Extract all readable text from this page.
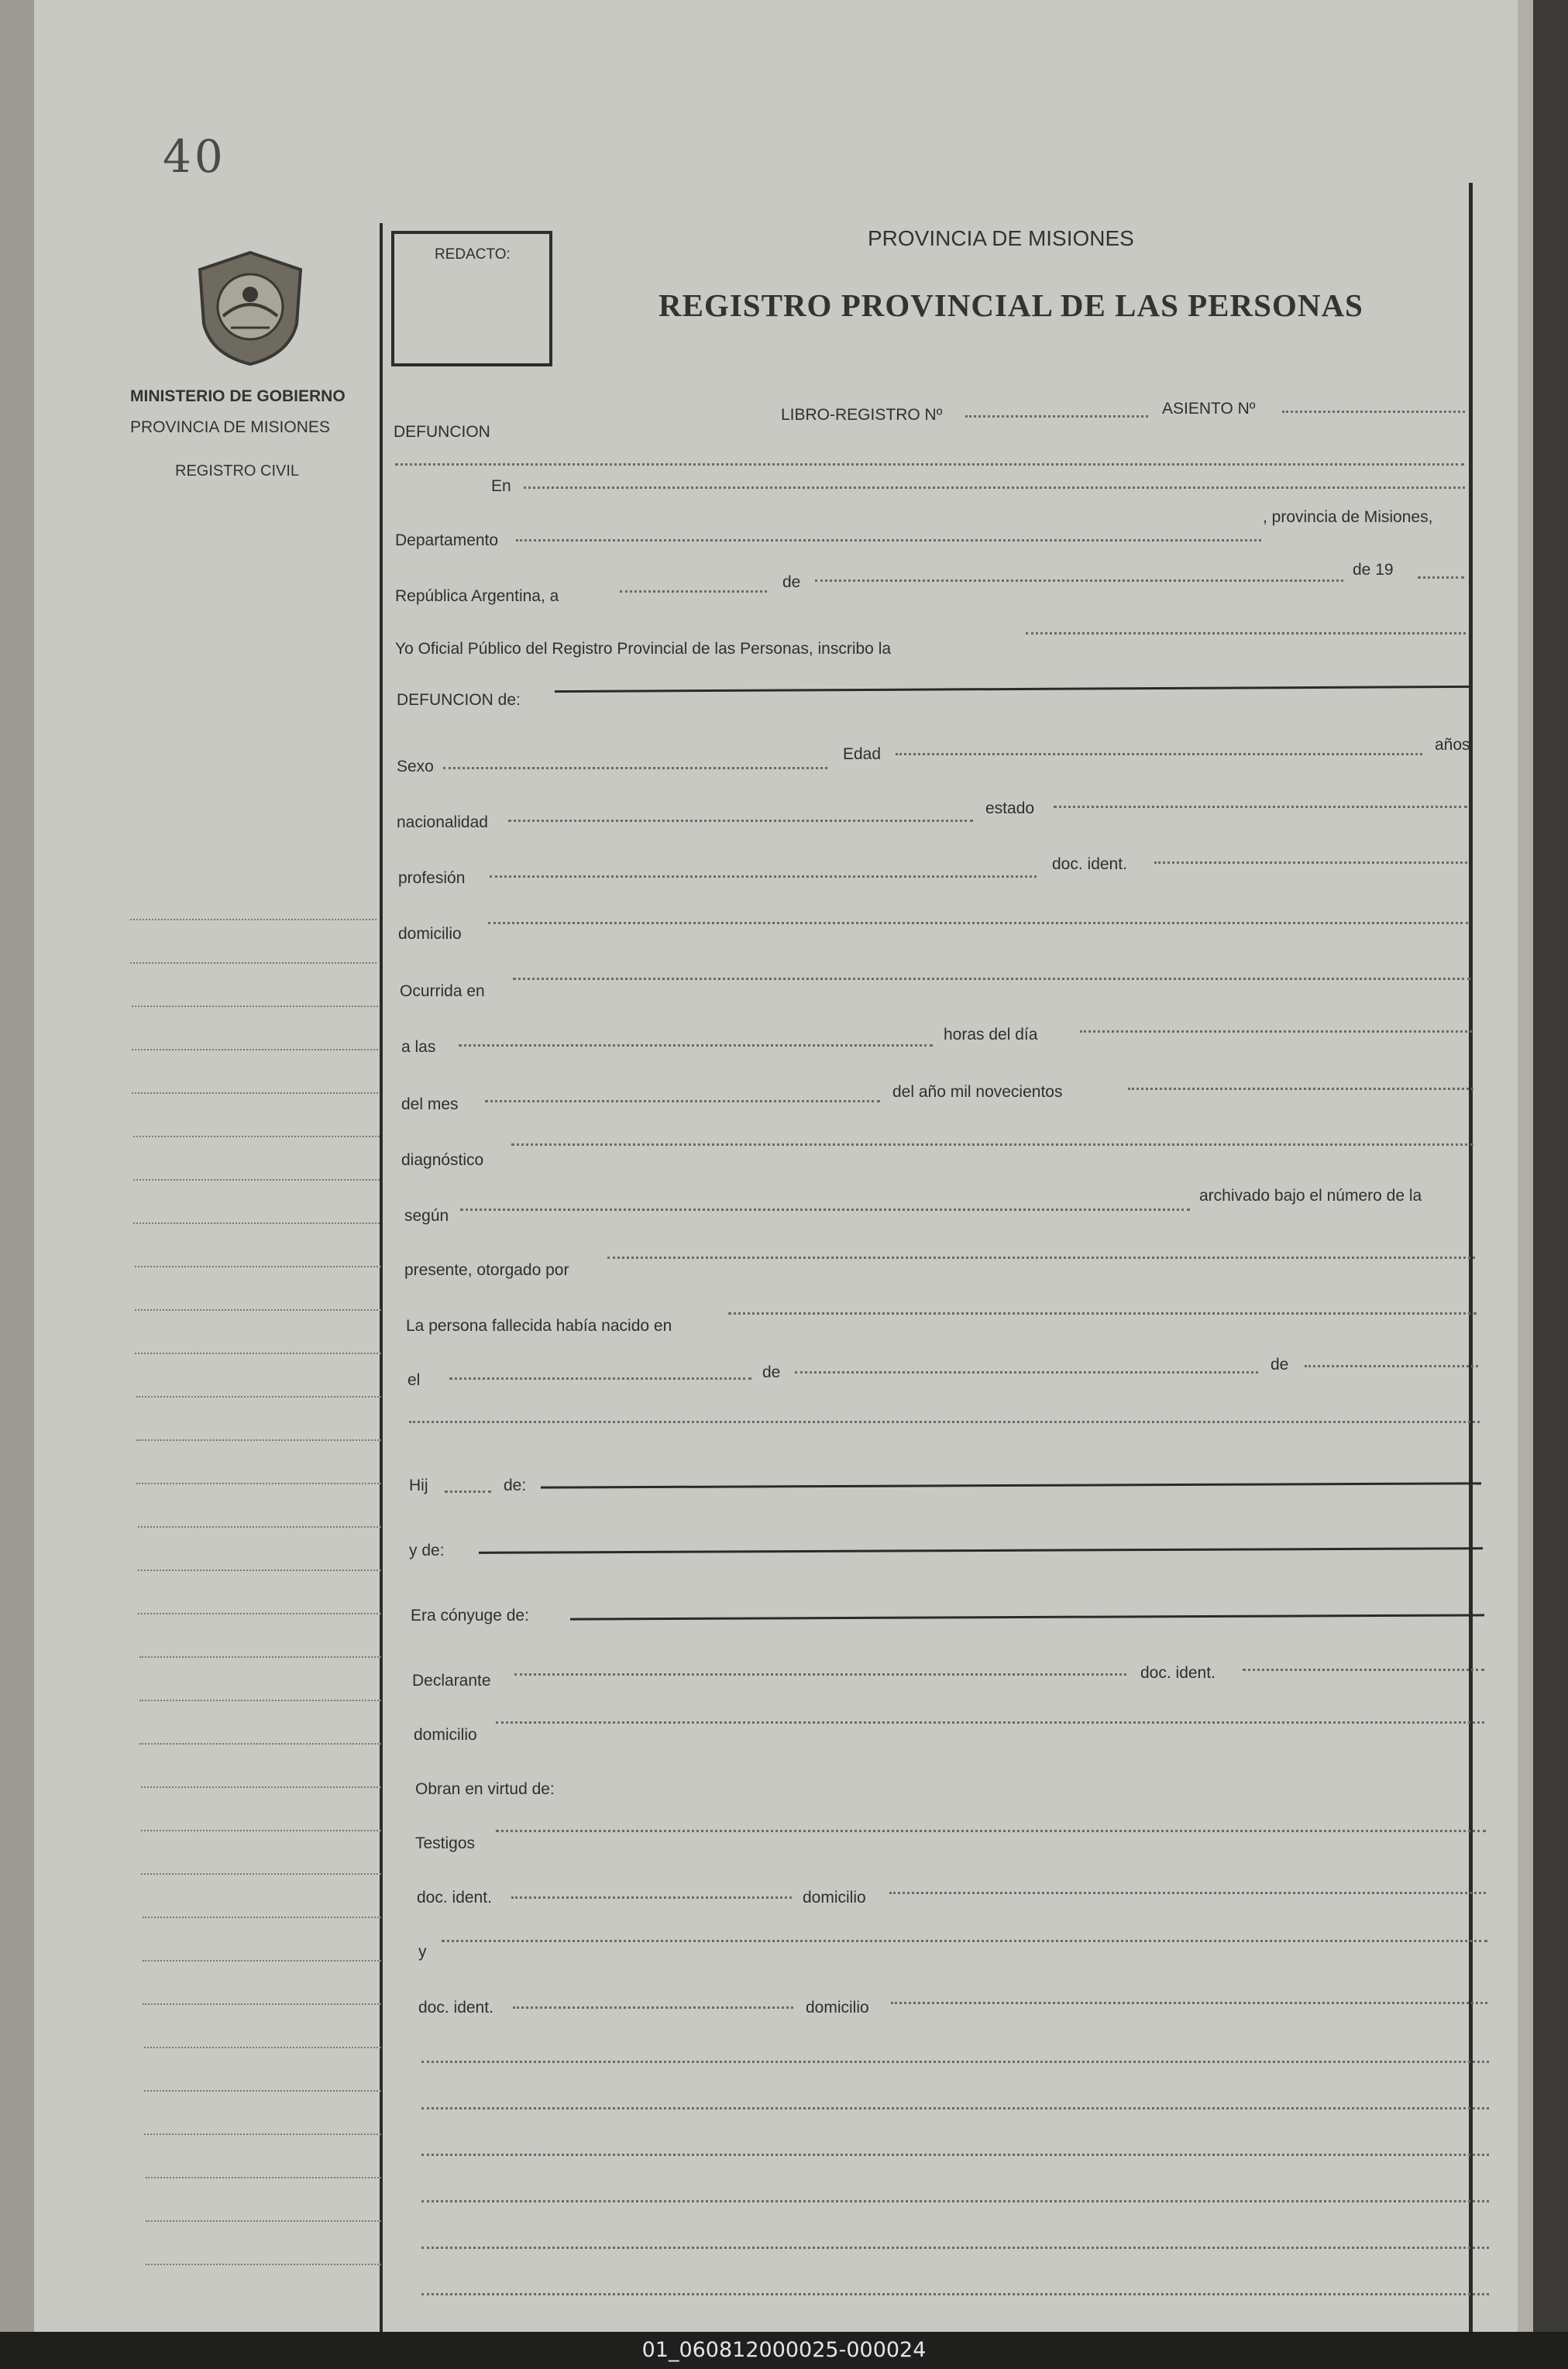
40
MINISTERIO DE GOBIERNO
PROVINCIA DE MISIONES
REGISTRO CIVIL
REDACTO:
PROVINCIA DE MISIONES
REGISTRO PROVINCIAL DE LAS PERSONAS
DEFUNCION
LIBRO-REGISTRO Nº	ASIENTO Nº
En
Departamento
, provincia de Misiones,
República Argentina, a
de
de 19
Yo Oficial Público del Registro Provincial de las Personas, inscribo la
DEFUNCION de:
Sexo
Edad
años
nacionalidad
estado
profesión
doc. ident.
domicilio
Ocurrida en
a las
horas del día
del mes
del año mil novecientos
diagnóstico
según
archivado bajo el número de la
presente, otorgado por
La persona fallecida había nacido en
el	de	de
Hij	de:
y de:
Era cónyuge de:
Declarante	doc. ident.
domicilio
Obran en virtud de:
Testigos
doc. ident.	domicilio
y
doc. ident.	domicilio
01_060812000025-000024
